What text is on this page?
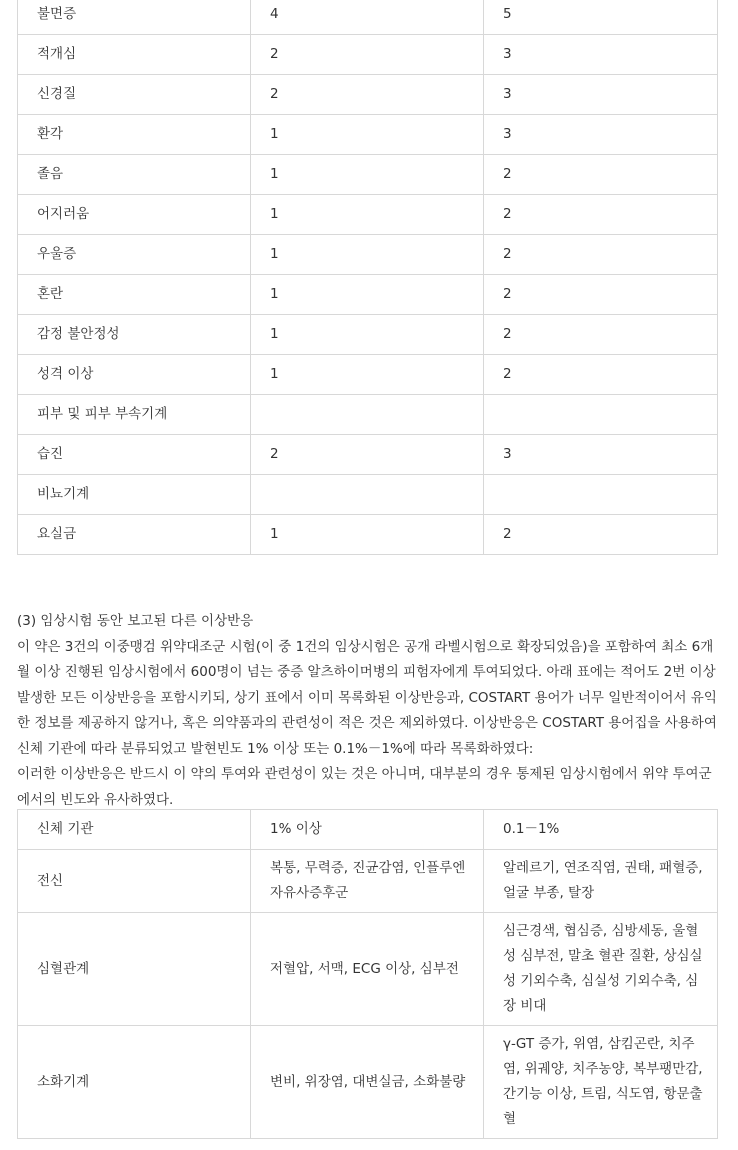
불면증	4	5
적개심	2	3
신경질	2	3
환각	1	3
졸음	1	2
어지러움	1	2
우울증	1	2
혼란	1	2
감정 불안정성	1	2
성격 이상	1	2
피부 및 피부 부속기계		
습진	2	3
비뇨기계		
요실금	1	2

(3) 임상시험 동안 보고된 다른 이상반응

이 약은 3건의 이중맹검 위약대조군 시험(이 중 1건의 임상시험은 공개 라벨시험으로 확장되었음)을 포함하여 최소 6개월 이상 진행된 임상시험에서 600명이 넘는 중증 알츠하이머병의 피험자에게 투여되었다. 아래 표에는 적어도 2번 이상 발생한 모든 이상반응을 포함시키되, 상기 표에서 이미 목록화된 이상반응과, COSTART 용어가 너무 일반적이어서 유익한 정보를 제공하지 않거나, 혹은 의약품과의 관련성이 적은 것은 제외하였다. 이상반응은 COSTART 용어집을 사용하여 신체 기관에 따라 분류되었고 발현빈도 1% 이상 또는 0.1%－1%에 따라 목록화하였다:

이러한 이상반응은 반드시 이 약의 투여와 관련성이 있는 것은 아니며, 대부분의 경우 통제된 임상시험에서 위약 투여군에서의 빈도와 유사하였다.

신체 기관	1% 이상	0.1－1%
전신	복통, 무력증, 진균감염, 인플루엔자유사증후군	알레르기, 연조직염, 권태, 패혈증, 얼굴 부종, 탈장
심혈관계	저혈압, 서맥, ECG 이상, 심부전	심근경색, 협심증, 심방세동, 울혈성 심부전, 말초 혈관 질환, 상심실성 기외수축, 심실성 기외수축, 심장 비대
소화기계	변비, 위장염, 대변실금, 소화불량	γ-GT 증가, 위염, 삼킴곤란, 치주염, 위궤양, 치주농양, 복부팽만감, 간기능 이상, 트림, 식도염, 항문출혈
